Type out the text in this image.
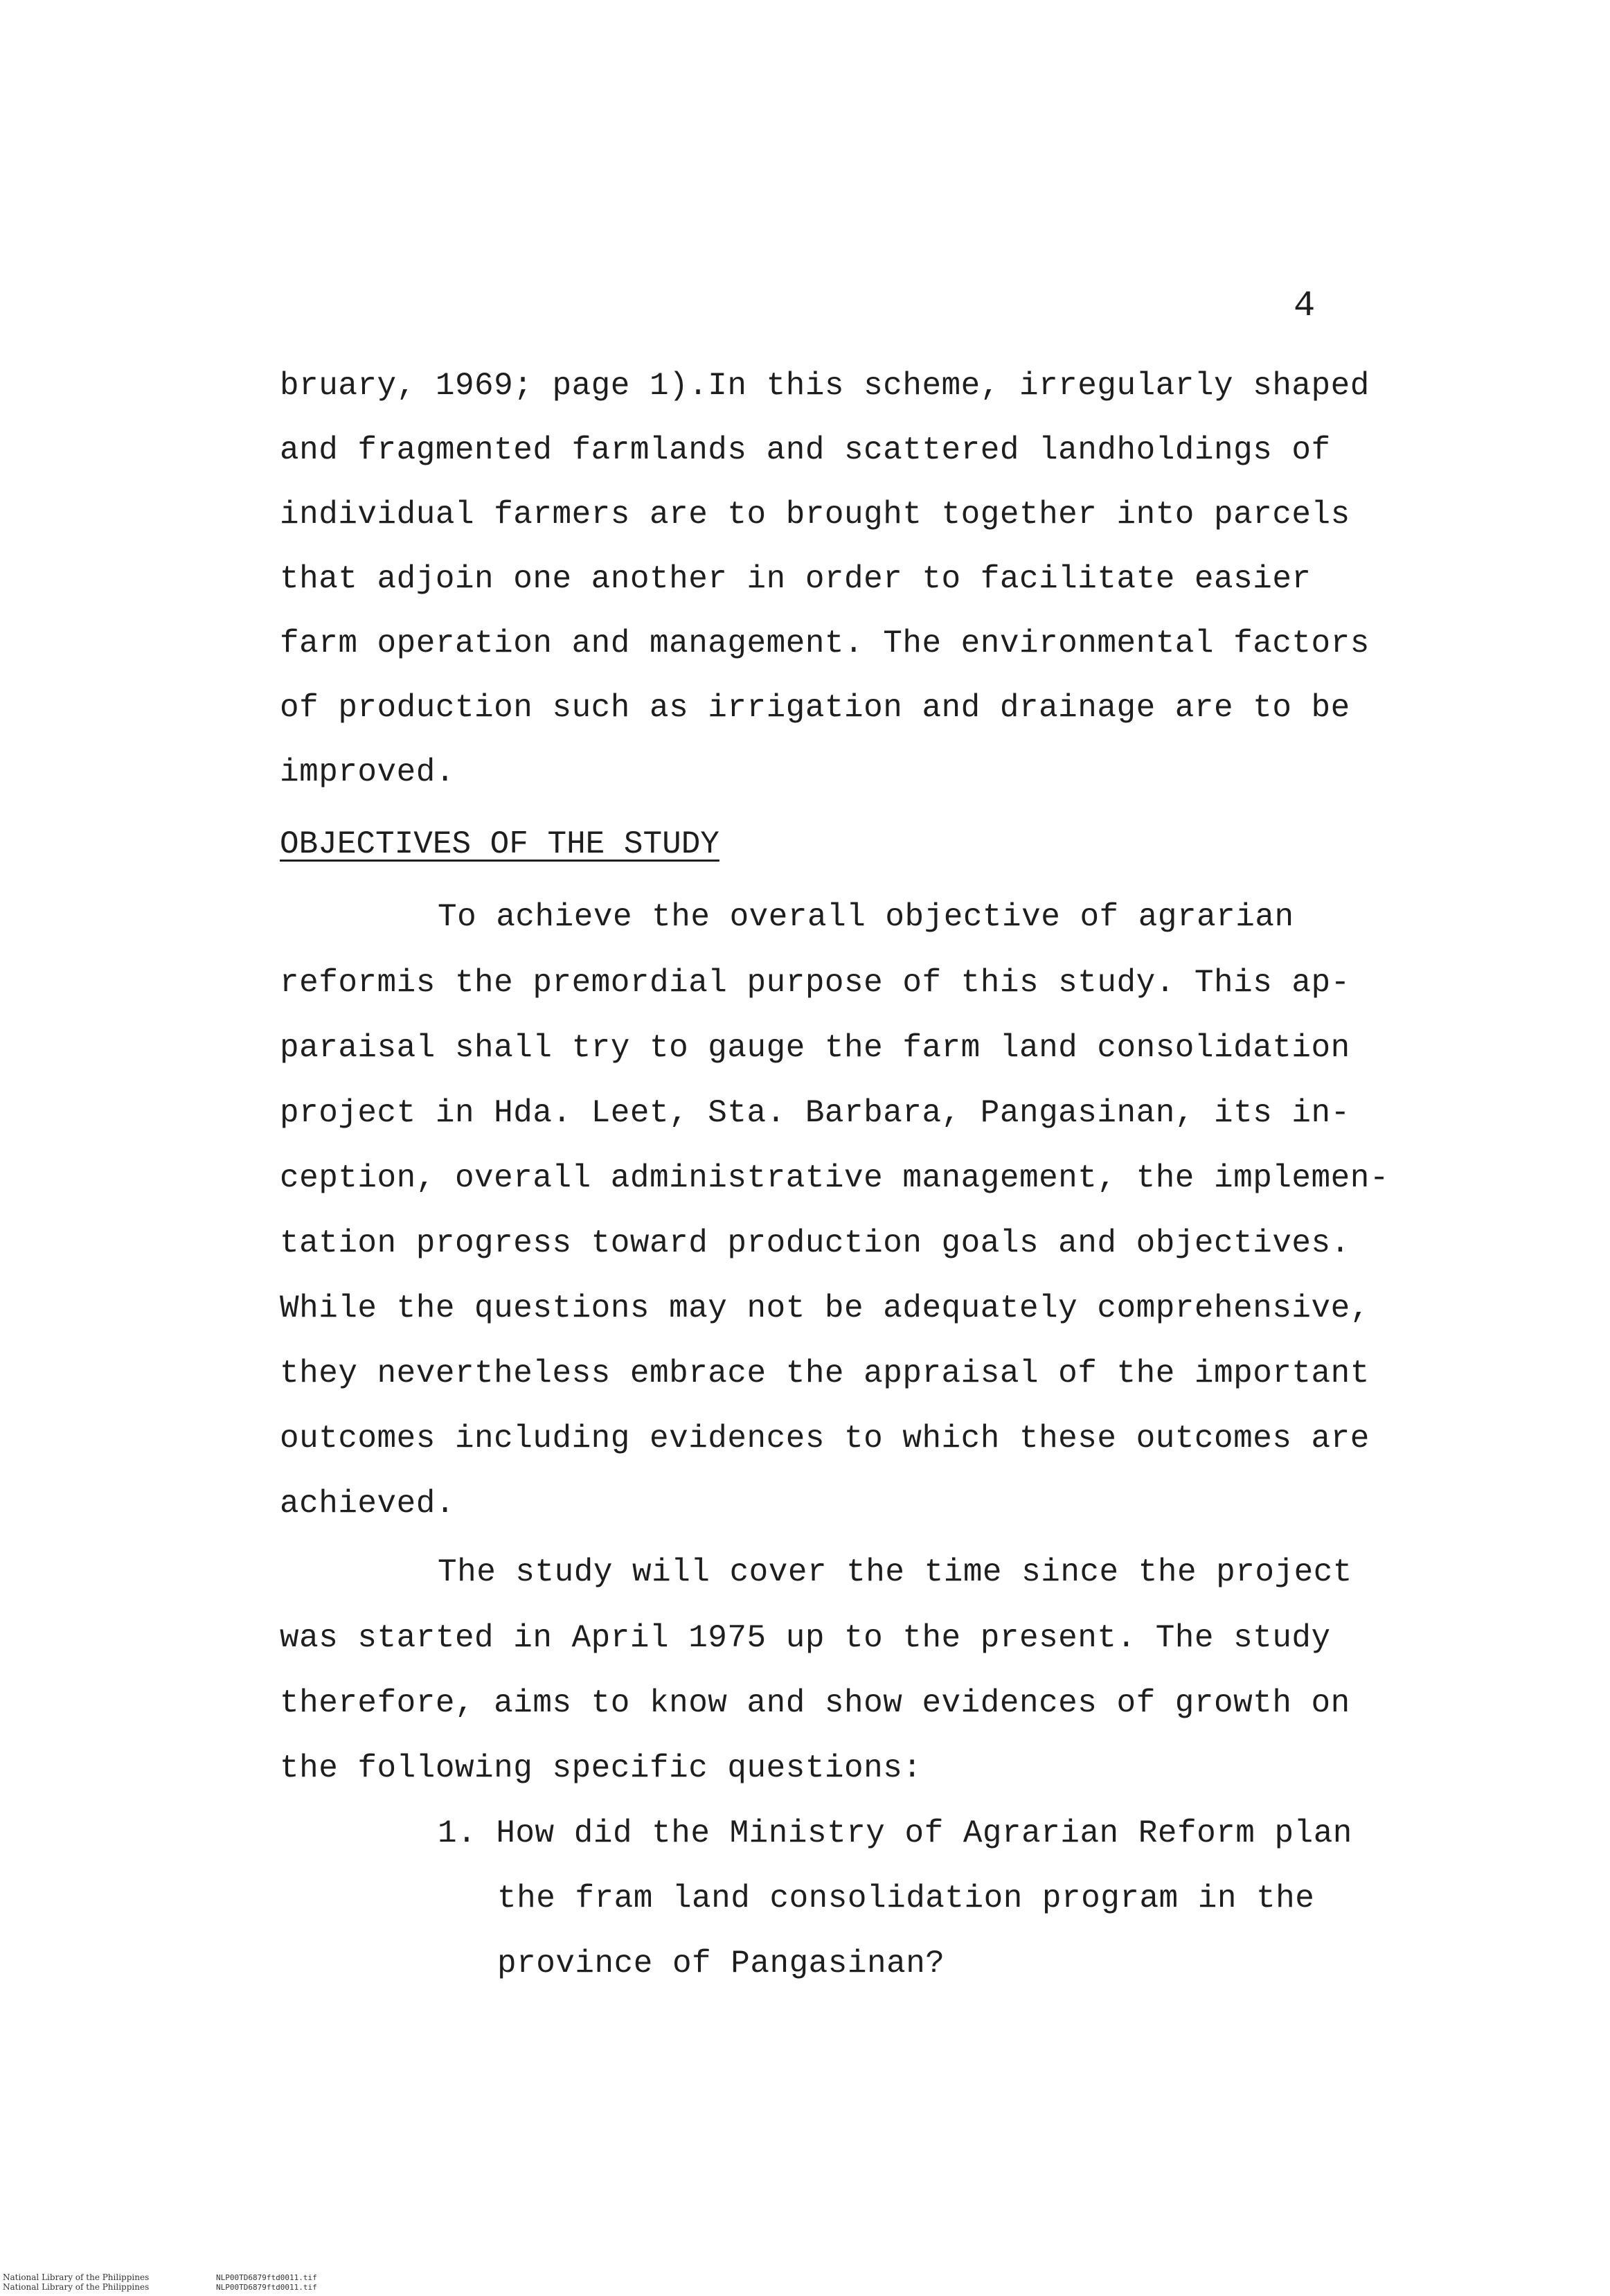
4
bruary, 1969; page 1).In this scheme, irregularly shaped
and fragmented farmlands and scattered landholdings of
individual farmers are to brought together into parcels
that adjoin one another in order to facilitate easier
farm operation and management. The environmental factors
of production such as irrigation and drainage are to be
improved.
OBJECTIVES OF THE STUDY
To achieve the overall objective of agrarian
reformis the premordial purpose of this study. This ap-
paraisal shall try to gauge the farm land consolidation
project in Hda. Leet, Sta. Barbara, Pangasinan, its in-
ception, overall administrative management, the implemen-
tation progress toward production goals and objectives.
While the questions may not be adequately comprehensive,
they nevertheless embrace the appraisal of the important
outcomes including evidences to which these outcomes are
achieved.
The study will cover the time since the project
was started in April 1975 up to the present. The study
therefore, aims to know and show evidences of growth on
the following specific questions:
1. How did the Ministry of Agrarian Reform plan
the fram land consolidation program in the
province of Pangasinan?
National Library of the Philippines
National Library of the Philippines
NLP00TD6879ftd0011.tif
NLP00TD6879ftd0011.tif
